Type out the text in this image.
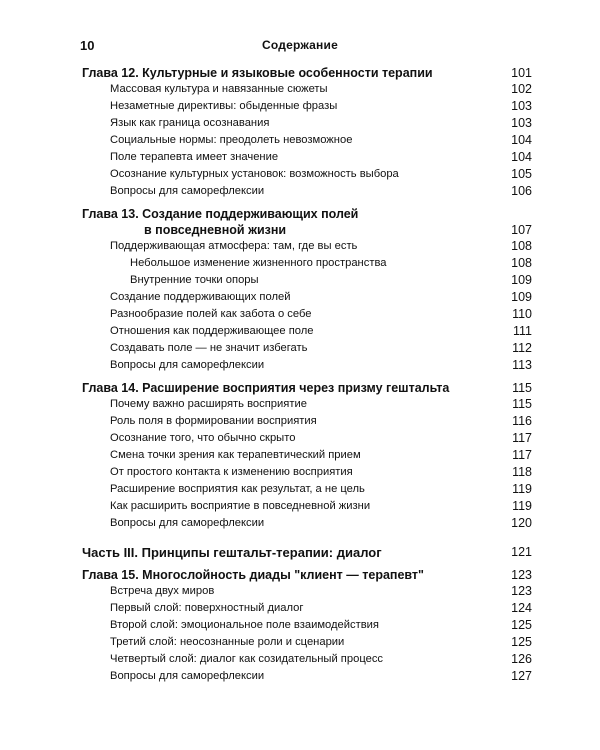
10	Содержание
Глава 12. Культурные и языковые особенности терапии	101
Массовая культура и навязанные сюжеты	102
Незаметные директивы: обыденные фразы	103
Язык как граница осознавания	103
Социальные нормы: преодолеть невозможное	104
Поле терапевта имеет значение	104
Осознание культурных установок: возможность выбора	105
Вопросы для саморефлексии	106
Глава 13. Создание поддерживающих полей
в повседневной жизни	107
Поддерживающая атмосфера: там, где вы есть	108
Небольшое изменение жизненного пространства	108
Внутренние точки опоры	109
Создание поддерживающих полей	109
Разнообразие полей как забота о себе	110
Отношения как поддерживающее поле	111
Создавать поле — не значит избегать	112
Вопросы для саморефлексии	113
Глава 14. Расширение восприятия через призму гештальта	115
Почему важно расширять восприятие	115
Роль поля в формировании восприятия	116
Осознание того, что обычно скрыто	117
Смена точки зрения как терапевтический прием	117
От простого контакта к изменению восприятия	118
Расширение восприятия как результат, а не цель	119
Как расширить восприятие в повседневной жизни	119
Вопросы для саморефлексии	120
Часть III. Принципы гештальт-терапии: диалог	121
Глава 15. Многослойность диады "клиент — терапевт"	123
Встреча двух миров	123
Первый слой: поверхностный диалог	124
Второй слой: эмоциональное поле взаимодействия	125
Третий слой: неосознанные роли и сценарии	125
Четвертый слой: диалог как созидательный процесс	126
Вопросы для саморефлексии	127
